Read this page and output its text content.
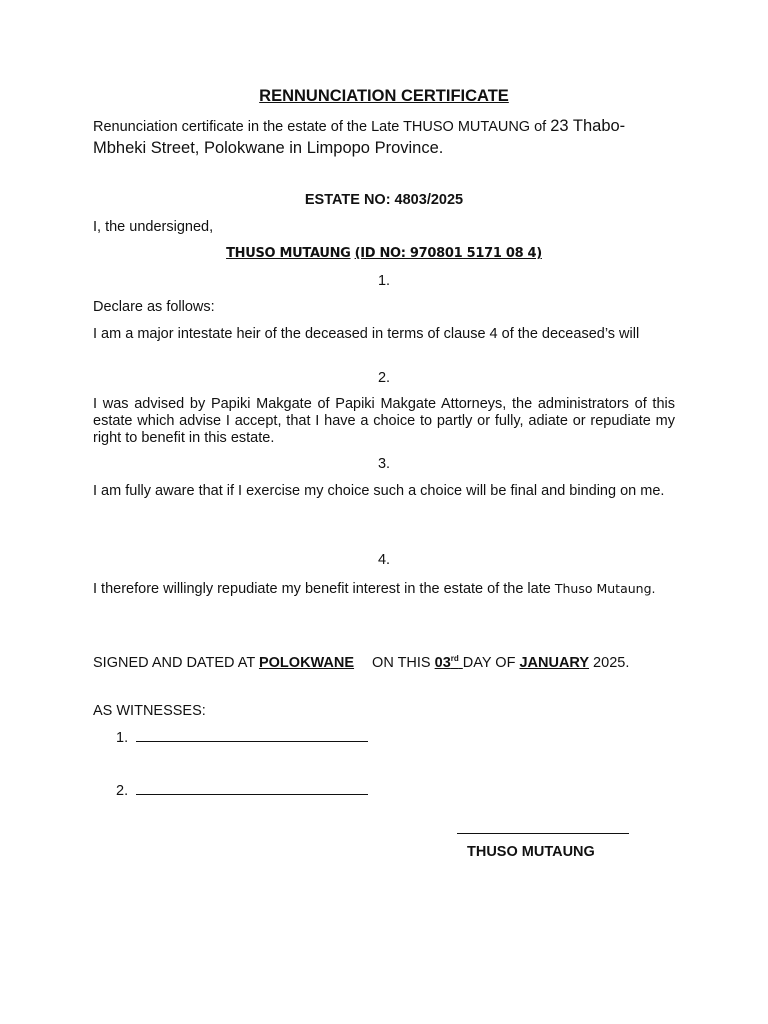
RENNUNCIATION CERTIFICATE
Renunciation certificate in the estate of the Late THUSO MUTAUNG of 23 Thabo-
Mbheki Street, Polokwane in Limpopo Province.
ESTATE NO: 4803/2025
I, the undersigned,
THUSO MUTAUNG (ID NO: 970801 5171 08 4)
1.
Declare as follows:
I am a major intestate heir of the deceased in terms of clause 4 of the deceased’s will
2.
I was advised by Papiki Makgate of Papiki Makgate Attorneys, the administrators of this estate which advise I accept, that I have a choice to partly or fully, adiate or repudiate my right to benefit in this estate.
3.
I am fully aware that if I exercise my choice such a choice will be final and binding on me.
4.
I therefore willingly repudiate my benefit interest in the estate of the late Thuso Mutaung.
SIGNED AND DATED AT POLOKWANE ON THIS 03rd DAY OF JANUARY 2025.
AS WITNESSES:
1.
2.
THUSO MUTAUNG
